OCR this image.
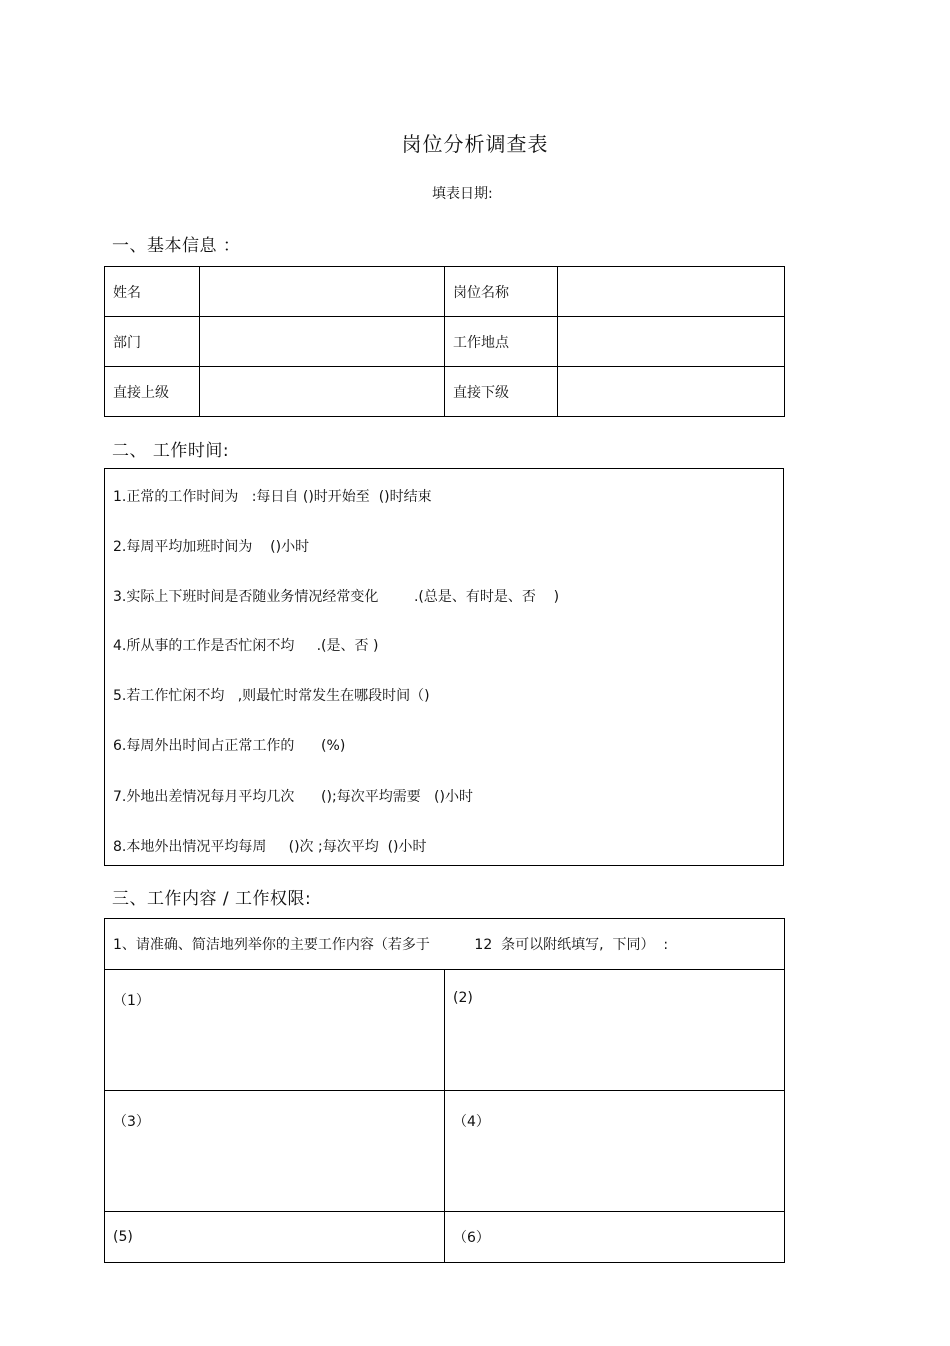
岗位分析调查表
填表日期:
一、基本信息 ：
姓名		岗位名称	
部门		工作地点	
直接上级		直接下级	
二、 工作时间:
1.正常的工作时间为   :每日自 ()时开始至  ()时结束
2.每周平均加班时间为    ()小时
3.实际上下班时间是否随业务情况经常变化        .(总是、有时是、否    )
4.所从事的工作是否忙闲不均     .(是、否 )
5.若工作忙闲不均   ,则最忙时常发生在哪段时间（)
6.每周外出时间占正常工作的      (%)
7.外地出差情况每月平均几次      ();每次平均需要   ()小时
8.本地外出情况平均每周     ()次 ;每次平均  ()小时
三、工作内容 / 工作权限:
1、请准确、简洁地列举你的主要工作内容（若多于          12  条可以附纸填写,  下同）  :	
（1）	(2)
（3）	（4）
(5)	（6）
